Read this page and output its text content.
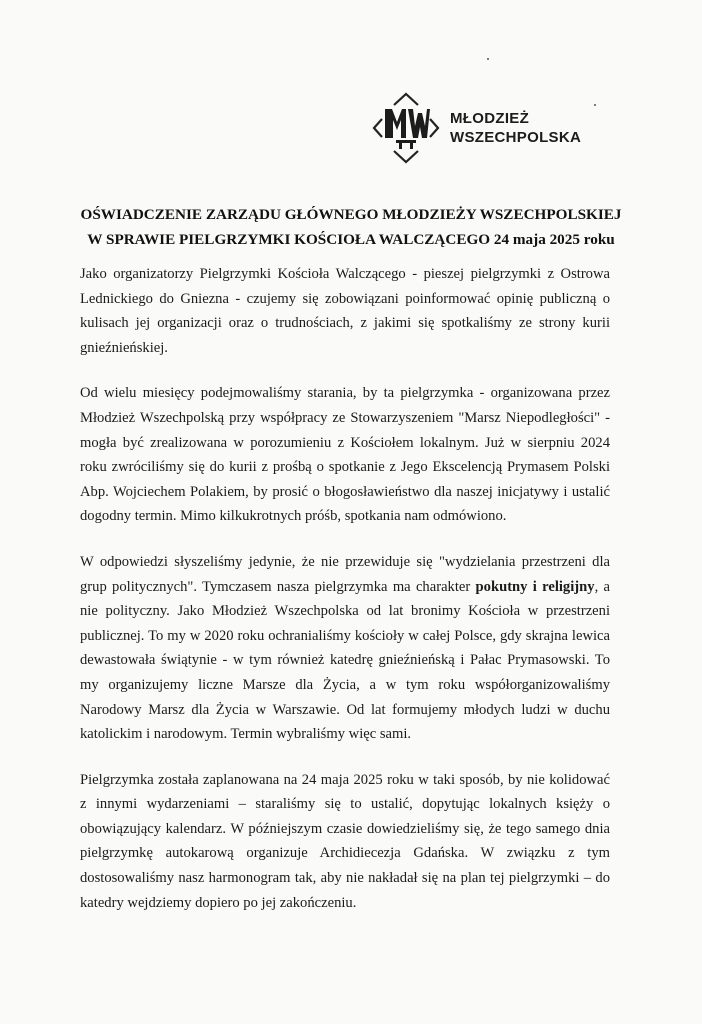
MŁODZIEŻ
WSZECHPOLSKA
OŚWIADCZENIE ZARZĄDU GŁÓWNEGO MŁODZIEŻY WSZECHPOLSKIEJ
W SPRAWIE PIELGRZYMKI KOŚCIOŁA WALCZĄCEGO 24 maja 2025 roku

Jako organizatorzy Pielgrzymki Kościoła Walczącego - pieszej pielgrzymki z Ostrowa Lednickiego do Gniezna - czujemy się zobowiązani poinformować opinię publiczną o kulisach jej organizacji oraz o trudnościach, z jakimi się spotkaliśmy ze strony kurii gnieźnieńskiej.

Od wielu miesięcy podejmowaliśmy starania, by ta pielgrzymka - organizowana przez Młodzież Wszechpolską przy współpracy ze Stowarzyszeniem "Marsz Niepodległości" - mogła być zrealizowana w porozumieniu z Kościołem lokalnym. Już w sierpniu 2024 roku zwróciliśmy się do kurii z prośbą o spotkanie z Jego Ekscelencją Prymasem Polski Abp. Wojciechem Polakiem, by prosić o błogosławieństwo dla naszej inicjatywy i ustalić dogodny termin. Mimo kilkukrotnych próśb, spotkania nam odmówiono.

W odpowiedzi słyszeliśmy jedynie, że nie przewiduje się "wydzielania przestrzeni dla grup politycznych". Tymczasem nasza pielgrzymka ma charakter pokutny i religijny, a nie polityczny. Jako Młodzież Wszechpolska od lat bronimy Kościoła w przestrzeni publicznej. To my w 2020 roku ochranialiśmy kościoły w całej Polsce, gdy skrajna lewica dewastowała świątynie - w tym również katedrę gnieźnieńską i Pałac Prymasowski. To my organizujemy liczne Marsze dla Życia, a w tym roku współorganizowaliśmy Narodowy Marsz dla Życia w Warszawie. Od lat formujemy młodych ludzi w duchu katolickim i narodowym. Termin wybraliśmy więc sami.

Pielgrzymka została zaplanowana na 24 maja 2025 roku w taki sposób, by nie kolidować z innymi wydarzeniami – staraliśmy się to ustalić, dopytując lokalnych księży o obowiązujący kalendarz. W późniejszym czasie dowiedzieliśmy się, że tego samego dnia pielgrzymkę autokarową organizuje Archidiecezja Gdańska. W związku z tym dostosowaliśmy nasz harmonogram tak, aby nie nakładał się na plan tej pielgrzymki – do katedry wejdziemy dopiero po jej zakończeniu.
